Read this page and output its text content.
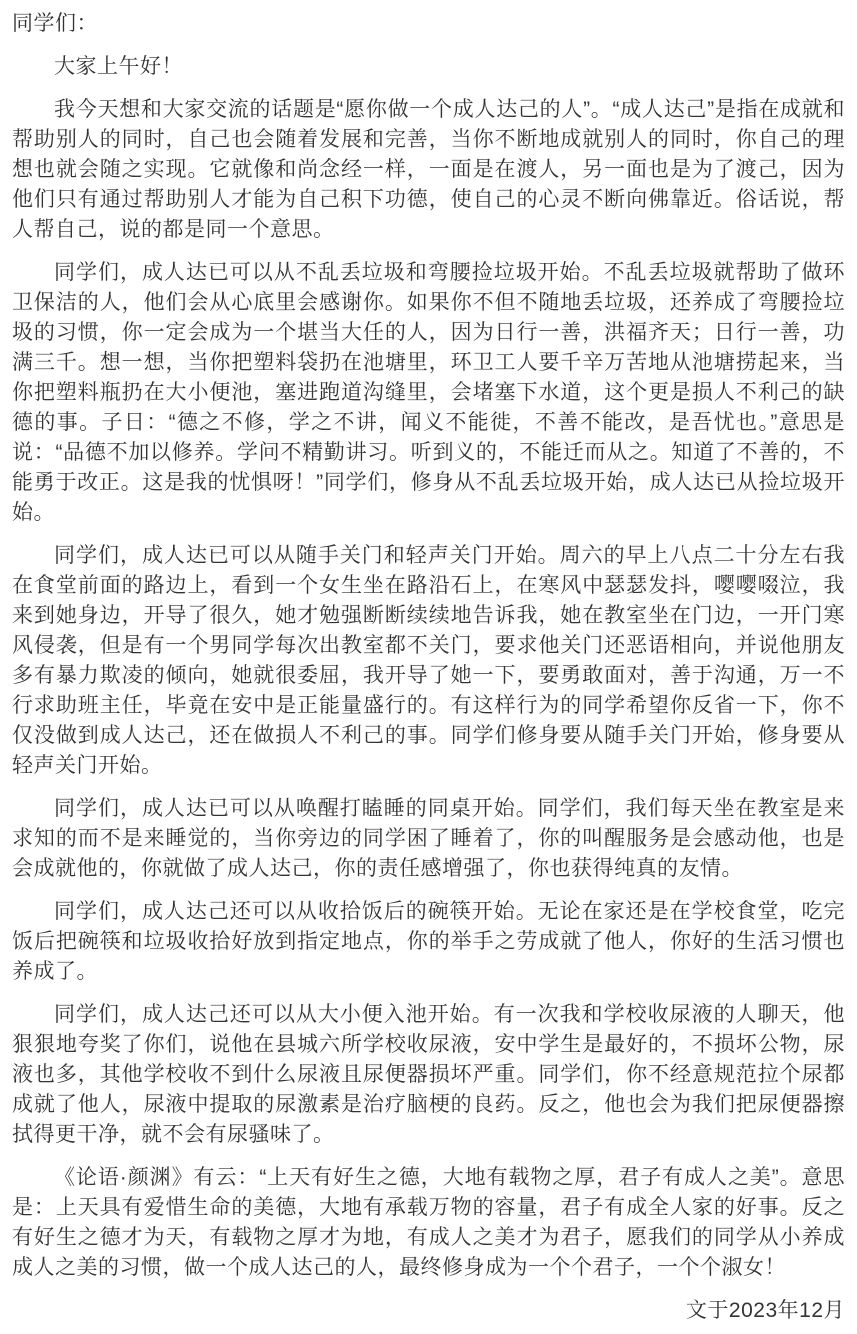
同学们：

大家上午好！

我今天想和大家交流的话题是“愿你做一个成人达己的人”。“成人达己”是指在成就和帮助别人的同时，自己也会随着发展和完善，当你不断地成就别人的同时，你自己的理想也就会随之实现。它就像和尚念经一样，一面是在渡人，另一面也是为了渡己，因为他们只有通过帮助别人才能为自己积下功德，使自己的心灵不断向佛靠近。俗话说，帮人帮自己，说的都是同一个意思。

同学们，成人达已可以从不乱丢垃圾和弯腰捡垃圾开始。不乱丢垃圾就帮助了做环卫保洁的人，他们会从心底里会感谢你。如果你不但不随地丢垃圾，还养成了弯腰捡垃圾的习惯，你一定会成为一个堪当大任的人，因为日行一善，洪福齐天；日行一善，功满三千。想一想，当你把塑料袋扔在池塘里，环卫工人要千辛万苦地从池塘捞起来，当你把塑料瓶扔在大小便池，塞进跑道沟缝里，会堵塞下水道，这个更是损人不利己的缺德的事。子日：“德之不修，学之不讲，闻义不能徙，不善不能改，是吾忧也。”意思是说：“品德不加以修养。学问不精勤讲习。听到义的，不能迁而从之。知道了不善的，不能勇于改正。这是我的忧惧呀！”同学们，修身从不乱丢垃圾开始，成人达已从捡垃圾开始。

同学们，成人达已可以从随手关门和轻声关门开始。周六的早上八点二十分左右我在食堂前面的路边上，看到一个女生坐在路沿石上，在寒风中瑟瑟发抖，嘤嘤啜泣，我来到她身边，开导了很久，她才勉强断断续续地告诉我，她在教室坐在门边，一开门寒风侵袭，但是有一个男同学每次出教室都不关门，要求他关门还恶语相向，并说他朋友多有暴力欺凌的倾向，她就很委屈，我开导了她一下，要勇敢面对，善于沟通，万一不行求助班主任，毕竟在安中是正能量盛行的。有这样行为的同学希望你反省一下，你不仅没做到成人达己，还在做损人不利己的事。同学们修身要从随手关门开始，修身要从轻声关门开始。

同学们，成人达已可以从唤醒打瞌睡的同桌开始。同学们，我们每天坐在教室是来求知的而不是来睡觉的，当你旁边的同学困了睡着了，你的叫醒服务是会感动他，也是会成就他的，你就做了成人达己，你的责任感增强了，你也获得纯真的友情。

同学们，成人达己还可以从收拾饭后的碗筷开始。无论在家还是在学校食堂，吃完饭后把碗筷和垃圾收拾好放到指定地点，你的举手之劳成就了他人，你好的生活习惯也养成了。

同学们，成人达己还可以从大小便入池开始。有一次我和学校收尿液的人聊天，他狠狠地夸奖了你们，说他在县城六所学校收尿液，安中学生是最好的，不损坏公物，尿液也多，其他学校收不到什么尿液且尿便器损坏严重。同学们，你不经意规范拉个尿都成就了他人，尿液中提取的尿激素是治疗脑梗的良药。反之，他也会为我们把尿便器擦拭得更干净，就不会有尿骚味了。

《论语·颜渊》有云：“上天有好生之德，大地有载物之厚，君子有成人之美”。意思是：上天具有爱惜生命的美德，大地有承载万物的容量，君子有成全人家的好事。反之有好生之德才为天，有载物之厚才为地，有成人之美才为君子，愿我们的同学从小养成成人之美的习惯，做一个成人达己的人，最终修身成为一个个君子，一个个淑女！

文于2023年12月
